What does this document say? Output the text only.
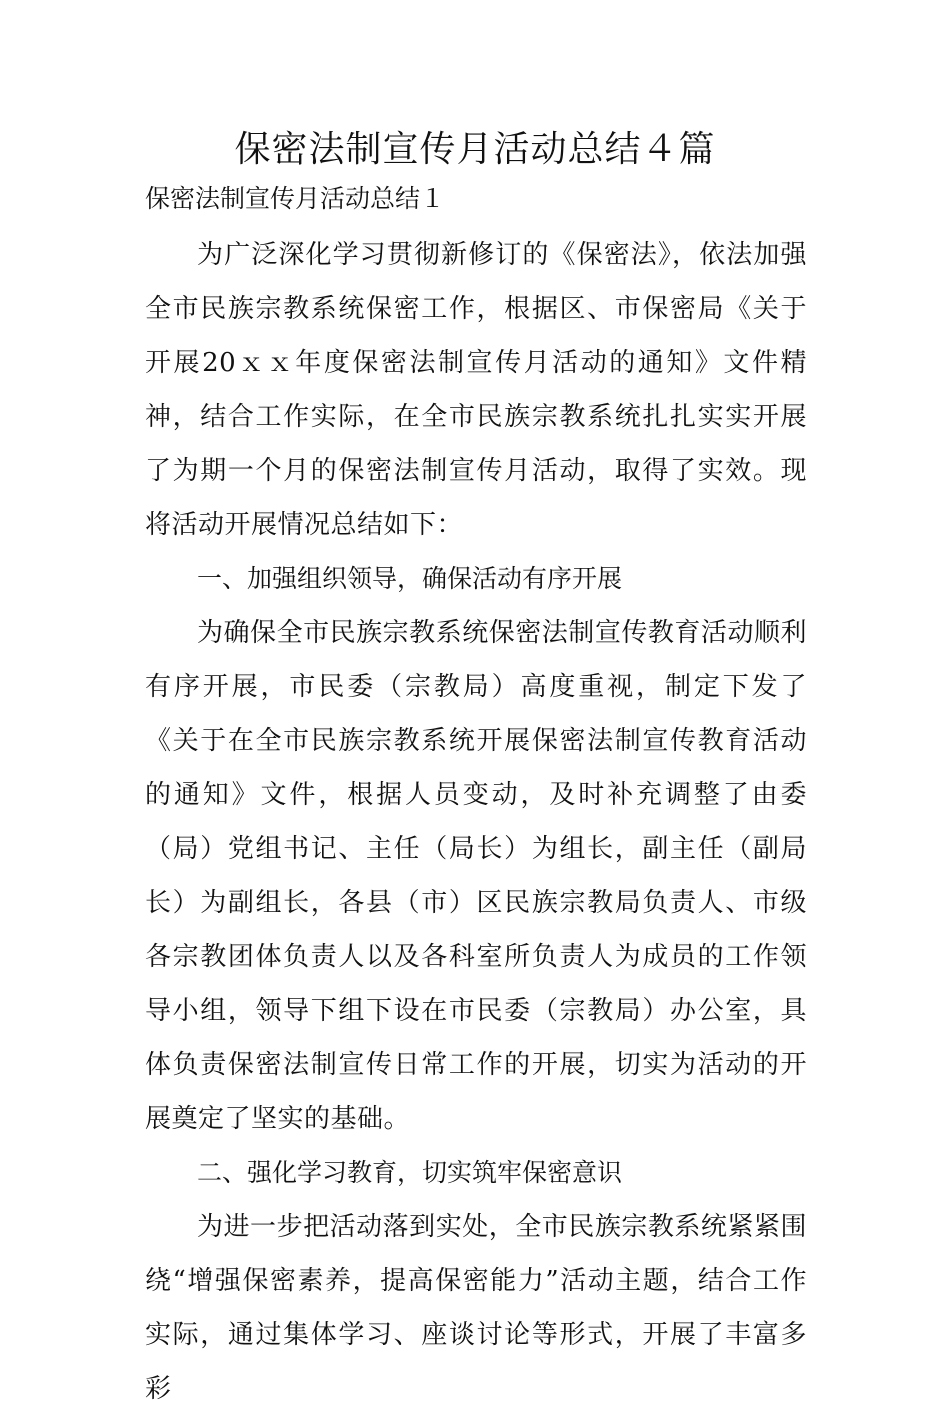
保密法制宣传月活动总结４篇

保密法制宣传月活动总结１

为广泛深化学习贯彻新修订的《保密法》，依法加强全市民族宗教系统保密工作，根据区、市保密局《关于开展20ｘｘ年度保密法制宣传月活动的通知》文件精神，结合工作实际，在全市民族宗教系统扎扎实实开展了为期一个月的保密法制宣传月活动，取得了实效。现将活动开展情况总结如下：

一、加强组织领导，确保活动有序开展

为确保全市民族宗教系统保密法制宣传教育活动顺利有序开展，市民委（宗教局）高度重视，制定下发了《关于在全市民族宗教系统开展保密法制宣传教育活动的通知》文件，根据人员变动，及时补充调整了由委（局）党组书记、主任（局长）为组长，副主任（副局长）为副组长，各县（市）区民族宗教局负责人、市级各宗教团体负责人以及各科室所负责人为成员的工作领导小组，领导下组下设在市民委（宗教局）办公室，具体负责保密法制宣传日常工作的开展，切实为活动的开展奠定了坚实的基础。

二、强化学习教育，切实筑牢保密意识

为进一步把活动落到实处，全市民族宗教系统紧紧围绕“增强保密素养，提高保密能力”活动主题，结合工作实际，通过集体学习、座谈讨论等形式，开展了丰富多彩
